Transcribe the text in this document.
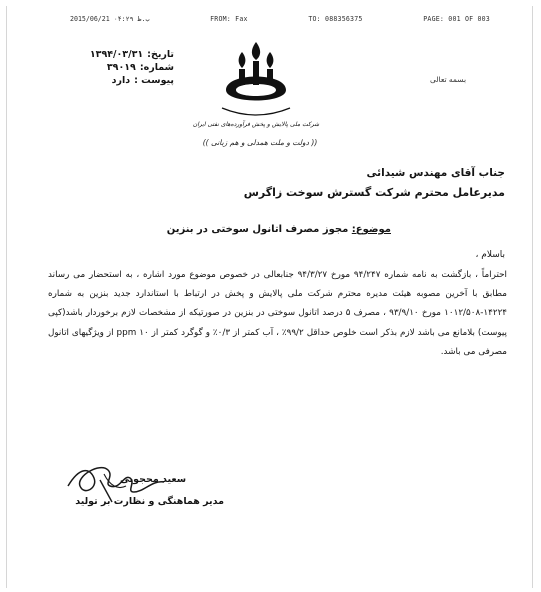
2015/06/21 ب.ظ ۰۴:۲۹	FROM: Fax	TO: 088356375	PAGE: 001 OF 003
تاریخ:
۱۳۹۴/۰۳/۳۱
شماره:
۳۹۰۱۹
پیوست :
دارد
شرکت ملی پالایش و پخش فرآورده‌های نفتی ایران
بسمه تعالی
(( دولت و ملت همدلی و هم زبانی ))
جناب آقای مهندس شیدائی
مدیرعامل محترم شرکت گسترش سوخت زاگرس
موضوع: مجوز مصرف اتانول سوختی در بنزین
باسلام ،
احتراماً ، بازگشت به نامه شماره ۹۴/۲۴۷ مورخ ۹۴/۳/۲۷ جنابعالی در خصوص موضوع مورد اشاره ، به استحضار می رساند مطابق با آخرین مصوبه هیئت مدیره محترم شرکت ملی پالایش و پخش در ارتباط با استاندارد جدید بنزین به شماره ۱۴۲۲۴-۱۰۱۲/۵۰۸ مورخ ۹۳/۹/۱۰ ، مصرف ۵ درصد اتانول سوختی در بنزین در صورتیکه از مشخصات لازم برخوردار باشد(کپی پیوست) بلامانع می باشد لازم بذکر است خلوص حداقل ۹۹/۲٪ ، آب کمتر از ۰/۳٪ و گوگرد کمتر از ۱۰ ppm از ویژگیهای اتانول مصرفی می باشد.
سعید محجوبی
مدیر هماهنگی و نظارت بر تولید
